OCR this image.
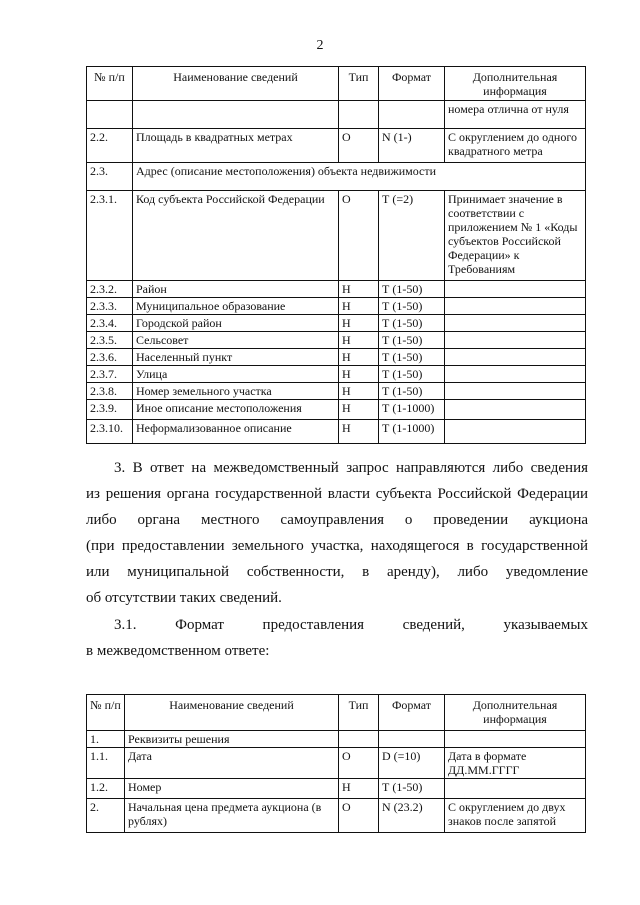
2
№ п/п	Наименование сведений	Тип	Формат	Дополнительная информация
				номера отлична от нуля
2.2.	Площадь в квадратных метрах	О	N (1-)	С округлением до одного квадратного метра
2.3.	Адрес (описание местоположения) объекта недвижимости			
2.3.1.	Код субъекта Российской Федерации	О	Т (=2)	Принимает значение в соответствии с приложением № 1 «Коды субъектов Российской Федерации» к Требованиям
2.3.2.	Район	Н	Т (1-50)	
2.3.3.	Муниципальное образование	Н	Т (1-50)	
2.3.4.	Городской район	Н	Т (1-50)	
2.3.5.	Сельсовет	Н	Т (1-50)	
2.3.6.	Населенный пункт	Н	Т (1-50)	
2.3.7.	Улица	Н	Т (1-50)	
2.3.8.	Номер земельного участка	Н	Т (1-50)	
2.3.9.	Иное описание местоположения	Н	Т (1-1000)	
2.3.10.	Неформализованное описание	Н	Т (1-1000)	
3. В ответ на межведомственный запрос направляются либо сведения
из решения органа государственной власти субъекта Российской Федерации
либо органа местного самоуправления о проведении аукциона
(при предоставлении земельного участка, находящегося в государственной
или муниципальной собственности, в аренду), либо уведомление
об отсутствии таких сведений.
3.1. Формат предоставления сведений, указываемых
в межведомственном ответе:
№ п/п	Наименование сведений	Тип	Формат	Дополнительная информация
1.	Реквизиты решения			
1.1.	Дата	О	D (=10)	Дата в формате ДД.ММ.ГГГГ
1.2.	Номер	Н	Т (1-50)	
2.	Начальная цена предмета аукциона (в рублях)	О	N (23.2)	С округлением до двух знаков после запятой
